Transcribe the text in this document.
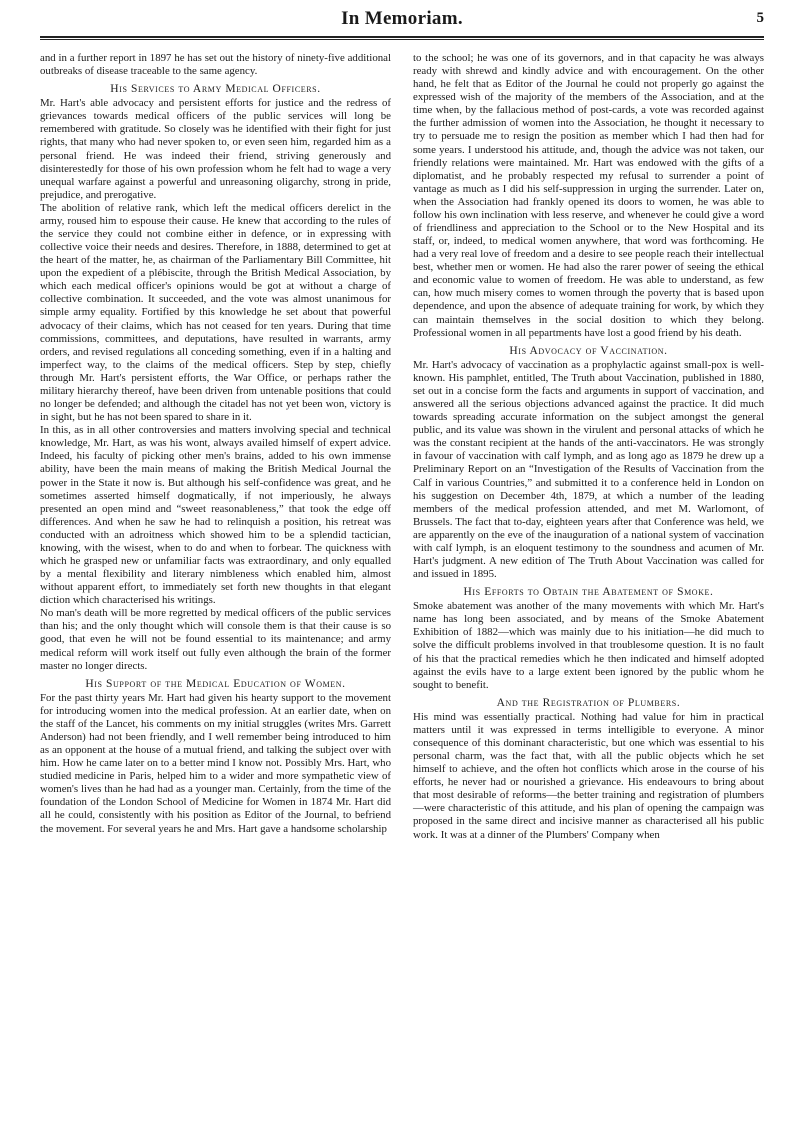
In Memoriam.	5

and in a further report in 1897 he has set out the history of ninety-five additional outbreaks of disease traceable to the same agency.

His Services to Army Medical Officers.

Mr. Hart's able advocacy and persistent efforts for justice and the redress of grievances towards medical officers of the public services will long be remembered with gratitude. So closely was he identified with their fight for just rights, that many who had never spoken to, or even seen him, regarded him as a personal friend. He was indeed their friend, striving generously and disinterestedly for those of his own profession whom he felt had to wage a very unequal warfare against a powerful and unreasoning oligarchy, strong in pride, prejudice, and prerogative.

The abolition of relative rank, which left the medical officers derelict in the army, roused him to espouse their cause. He knew that according to the rules of the service they could not combine either in defence, or in expressing with collective voice their needs and desires. Therefore, in 1888, determined to get at the heart of the matter, he, as chairman of the Parliamentary Bill Committee, hit upon the expedient of a plébiscite, through the British Medical Association, by which each medical officer's opinions would be got at without a charge of collective combination. It succeeded, and the vote was almost unanimous for simple army equality. Fortified by this knowledge he set about that powerful advocacy of their claims, which has not ceased for ten years. During that time commissions, committees, and deputations, have resulted in warrants, army orders, and revised regulations all conceding something, even if in a halting and imperfect way, to the claims of the medical officers. Step by step, chiefly through Mr. Hart's persistent efforts, the War Office, or perhaps rather the military hierarchy thereof, have been driven from untenable positions that could no longer be defended; and although the citadel has not yet been won, victory is in sight, but he has not been spared to share in it.

In this, as in all other controversies and matters involving special and technical knowledge, Mr. Hart, as was his wont, always availed himself of expert advice. Indeed, his faculty of picking other men's brains, added to his own immense ability, have been the main means of making the British Medical Journal the power in the State it now is. But although his self-confidence was great, and he sometimes asserted himself dogmatically, if not imperiously, he always presented an open mind and “sweet reasonableness,” that took the edge off differences. And when he saw he had to relinquish a position, his retreat was conducted with an adroitness which showed him to be a splendid tactician, knowing, with the wisest, when to do and when to forbear. The quickness with which he grasped new or unfamiliar facts was extraordinary, and only equalled by a mental flexibility and literary nimbleness which enabled him, almost without apparent effort, to immediately set forth new thoughts in that elegant diction which characterised his writings.

No man's death will be more regretted by medical officers of the public services than his; and the only thought which will console them is that their cause is so good, that even he will not be found essential to its maintenance; and army medical reform will work itself out fully even although the brain of the former master no longer directs.

His Support of the Medical Education of Women.

For the past thirty years Mr. Hart had given his hearty support to the movement for introducing women into the medical profession. At an earlier date, when on the staff of the Lancet, his comments on my initial struggles (writes Mrs. Garrett Anderson) had not been friendly, and I well remember being introduced to him as an opponent at the house of a mutual friend, and talking the subject over with him. How he came later on to a better mind I know not. Possibly Mrs. Hart, who studied medicine in Paris, helped him to a wider and more sympathetic view of women's lives than he had had as a younger man. Certainly, from the time of the foundation of the London School of Medicine for Women in 1874 Mr. Hart did all he could, consistently with his position as Editor of the Journal, to befriend the movement. For several years he and Mrs. Hart gave a handsome scholarship

to the school; he was one of its governors, and in that capacity he was always ready with shrewd and kindly advice and with encouragement. On the other hand, he felt that as Editor of the Journal he could not properly go against the expressed wish of the majority of the members of the Association, and at the time when, by the fallacious method of post-cards, a vote was recorded against the further admission of women into the Association, he thought it necessary to try to persuade me to resign the position as member which I had then had for some years. I understood his attitude, and, though the advice was not taken, our friendly relations were maintained. Mr. Hart was endowed with the gifts of a diplomatist, and he probably respected my refusal to surrender a point of vantage as much as I did his self-suppression in urging the surrender. Later on, when the Association had frankly opened its doors to women, he was able to follow his own inclination with less reserve, and whenever he could give a word of friendliness and appreciation to the School or to the New Hospital and its staff, or, indeed, to medical women anywhere, that word was forthcoming. He had a very real love of freedom and a desire to see people reach their intellectual best, whether men or women. He had also the rarer power of seeing the ethical and economic value to women of freedom. He was able to understand, as few can, how much misery comes to women through the poverty that is based upon dependence, and upon the absence of adequate training for work, by which they can maintain themselves in the social dosition to which they belong. Professional women in all pepartments have lost a good friend by his death.

His Advocacy of Vaccination.

Mr. Hart's advocacy of vaccination as a prophylactic against small-pox is well-known. His pamphlet, entitled, The Truth about Vaccination, published in 1880, set out in a concise form the facts and arguments in support of vaccination, and answered all the serious objections advanced against the practice. It did much towards spreading accurate information on the subject amongst the general public, and its value was shown in the virulent and personal attacks of which he was the constant recipient at the hands of the anti-vaccinators. He was strongly in favour of vaccination with calf lymph, and as long ago as 1879 he drew up a Preliminary Report on an “Investigation of the Results of Vaccination from the Calf in various Countries,” and submitted it to a conference held in London on his suggestion on December 4th, 1879, at which a number of the leading members of the medical profession attended, and met M. Warlomont, of Brussels. The fact that to-day, eighteen years after that Conference was held, we are apparently on the eve of the inauguration of a national system of vaccination with calf lymph, is an eloquent testimony to the soundness and acumen of Mr. Hart's judgment. A new edition of The Truth About Vaccination was called for and issued in 1895.

His Efforts to Obtain the Abatement of Smoke.

Smoke abatement was another of the many movements with which Mr. Hart's name has long been associated, and by means of the Smoke Abatement Exhibition of 1882—which was mainly due to his initiation—he did much to solve the difficult problems involved in that troublesome question. It is no fault of his that the practical remedies which he then indicated and himself adopted against the evils have to a large extent been ignored by the public whom he sought to benefit.

And the Registration of Plumbers.

His mind was essentially practical. Nothing had value for him in practical matters until it was expressed in terms intelligible to everyone. A minor consequence of this dominant characteristic, but one which was essential to his personal charm, was the fact that, with all the public objects which he set himself to achieve, and the often hot conflicts which arose in the course of his efforts, he never had or nourished a grievance. His endeavours to bring about that most desirable of reforms—the better training and registration of plumbers—were characteristic of this attitude, and his plan of opening the campaign was proposed in the same direct and incisive manner as characterised all his public work. It was at a dinner of the Plumbers' Company when
